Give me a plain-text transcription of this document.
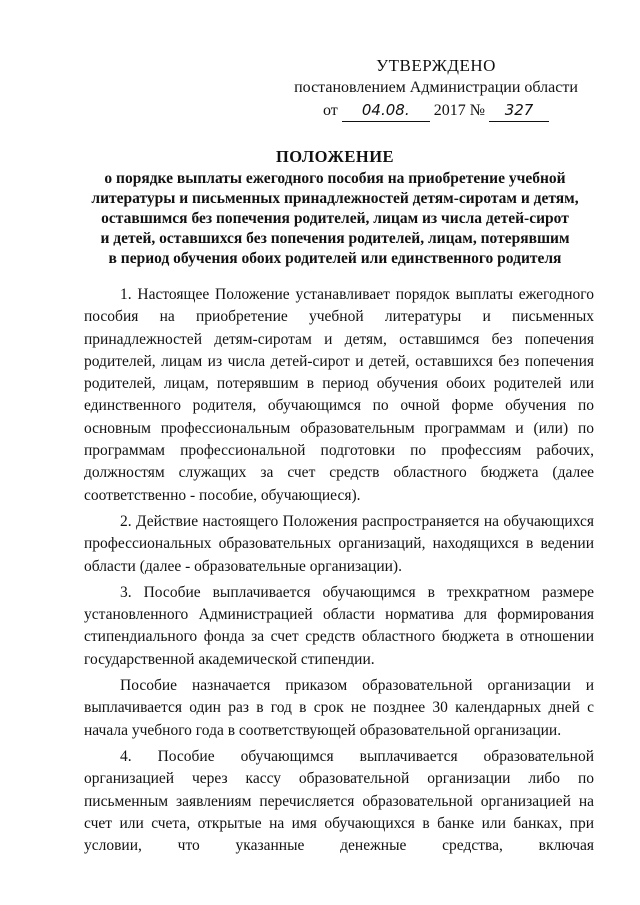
УТВЕРЖДЕНО
постановлением Администрации области
от	04.08.	2017 №	327
ПОЛОЖЕНИЕ
о порядке выплаты ежегодного пособия на приобретение учебной
литературы и письменных принадлежностей детям-сиротам и детям,
оставшимся без попечения родителей, лицам из числа детей-сирот
и детей, оставшихся без попечения родителей, лицам, потерявшим
в период обучения обоих родителей или единственного родителя

1. Настоящее Положение устанавливает порядок выплаты ежегодного пособия на приобретение учебной литературы и письменных принадлежностей детям-сиротам и детям, оставшимся без попечения родителей, лицам из числа детей-сирот и детей, оставшихся без попечения родителей, лицам, потерявшим в период обучения обоих родителей или единственного родителя, обучающимся по очной форме обучения по основным профессиональным образовательным программам и (или) по программам профессиональной подготовки по профессиям рабочих, должностям служащих за счет средств областного бюджета (далее соответственно - пособие, обучающиеся).

2. Действие настоящего Положения распространяется на обучающихся профессиональных образовательных организаций, находящихся в ведении области (далее - образовательные организации).

3. Пособие выплачивается обучающимся в трехкратном размере установленного Администрацией области норматива для формирования стипендиального фонда за счет средств областного бюджета в отношении государственной академической стипендии.

Пособие назначается приказом образовательной организации и выплачивается один раз в год в срок не позднее 30 календарных дней с начала учебного года в соответствующей образовательной организации.

4. Пособие обучающимся выплачивается образовательной организацией через кассу образовательной организации либо по письменным заявлениям перечисляется образовательной организацией на счет или счета, открытые на имя обучающихся в банке или банках, при условии, что указанные денежные средства, включая
